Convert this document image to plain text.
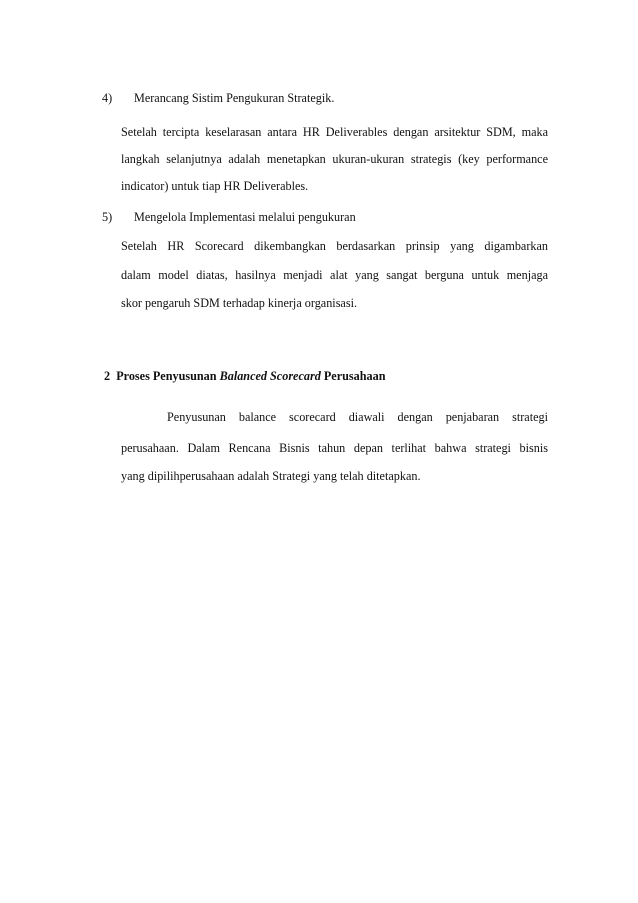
4) Merancang Sistim Pengukuran Strategik.
Setelah tercipta keselarasan antara HR Deliverables dengan arsitektur SDM, maka
langkah selanjutnya adalah menetapkan ukuran-ukuran strategis (key performance
indicator) untuk tiap HR Deliverables.
5) Mengelola Implementasi melalui pengukuran
Setelah HR Scorecard dikembangkan berdasarkan prinsip yang digambarkan
dalam model diatas, hasilnya menjadi alat yang sangat berguna untuk menjaga
skor pengaruh SDM terhadap kinerja organisasi.
2 Proses Penyusunan Balanced Scorecard Perusahaan
Penyusunan balance scorecard diawali dengan penjabaran strategi
perusahaan. Dalam Rencana Bisnis tahun depan terlihat bahwa strategi bisnis
yang dipilihperusahaan adalah Strategi yang telah ditetapkan.
